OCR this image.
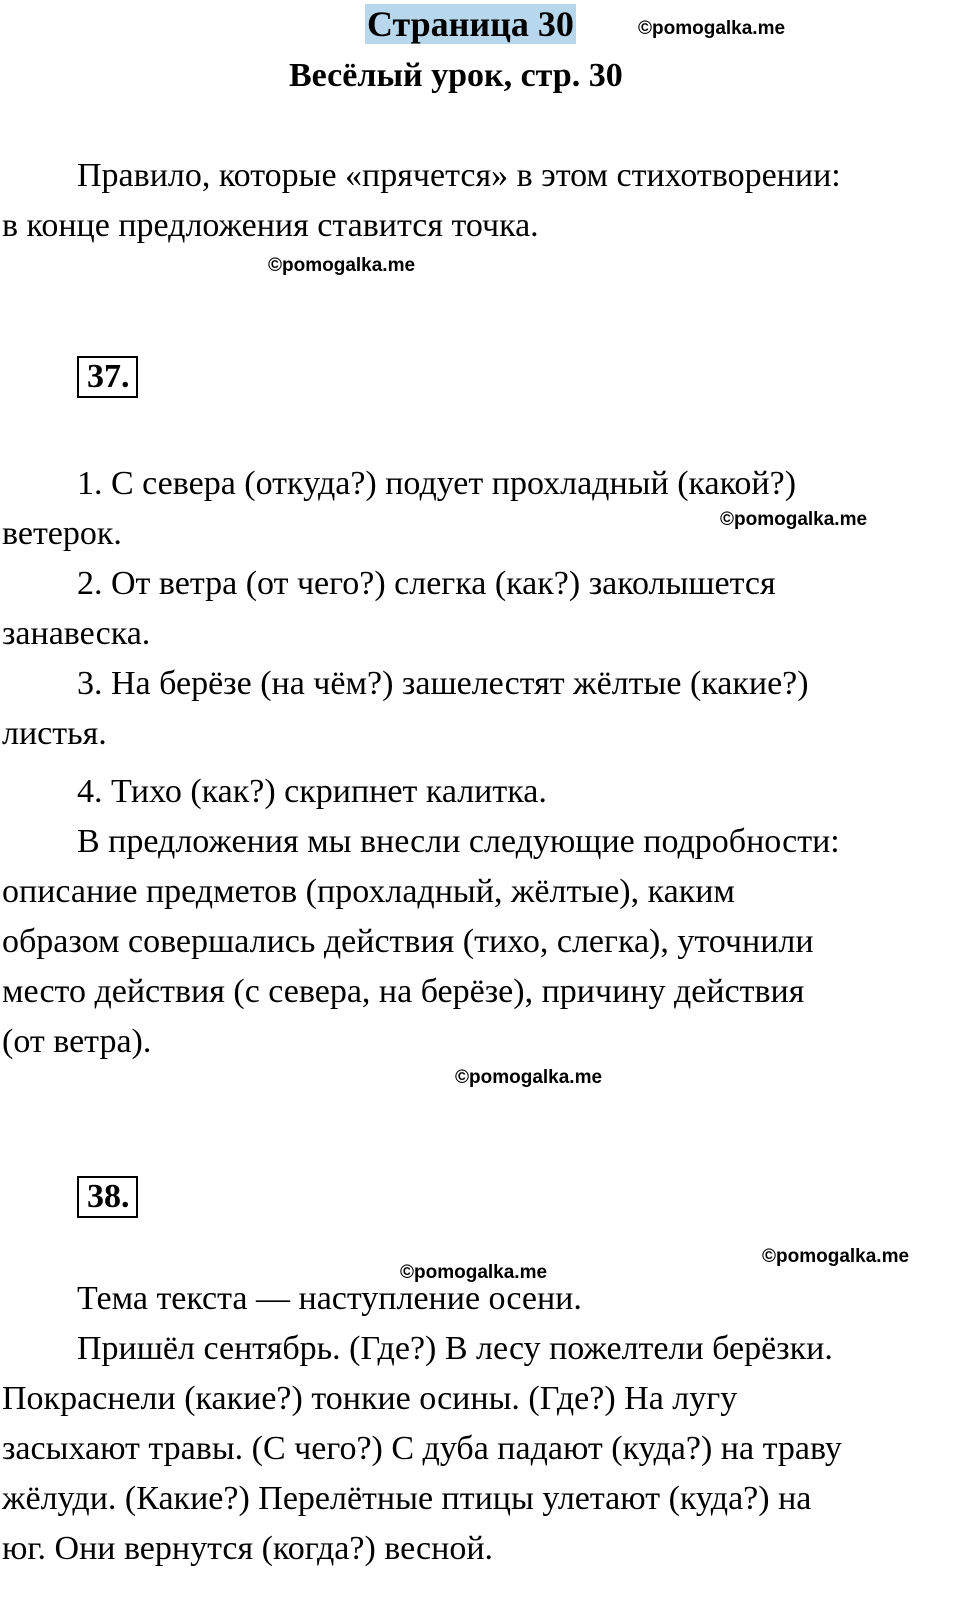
Страница 30	©pomogalka.me
Весёлый урок, стр. 30
Правило, которые «прячется» в этом стихотворении:
в конце предложения ставится точка.
©pomogalka.me
37.
1. С севера (откуда?) подует прохладный (какой?)
©pomogalka.me
ветерок.
2. От ветра (от чего?) слегка (как?) заколышется
занавеска.
3. На берёзе (на чём?) зашелестят жёлтые (какие?)
листья.
4. Тихо (как?) скрипнет калитка.
В предложения мы внесли следующие подробности:
описание предметов (прохладный, жёлтые), каким
образом совершались действия (тихо, слегка), уточнили
место действия (с севера, на берёзе), причину действия
(от ветра).
©pomogalka.me
38.
©pomogalka.me
©pomogalka.me
Тема текста — наступление осени.
Пришёл сентябрь. (Где?) В лесу пожелтели берёзки.
Покраснели (какие?) тонкие осины. (Где?) На лугу
засыхают травы. (С чего?) С дуба падают (куда?) на траву
жёлуди. (Какие?) Перелётные птицы улетают (куда?) на
юг. Они вернутся (когда?) весной.
